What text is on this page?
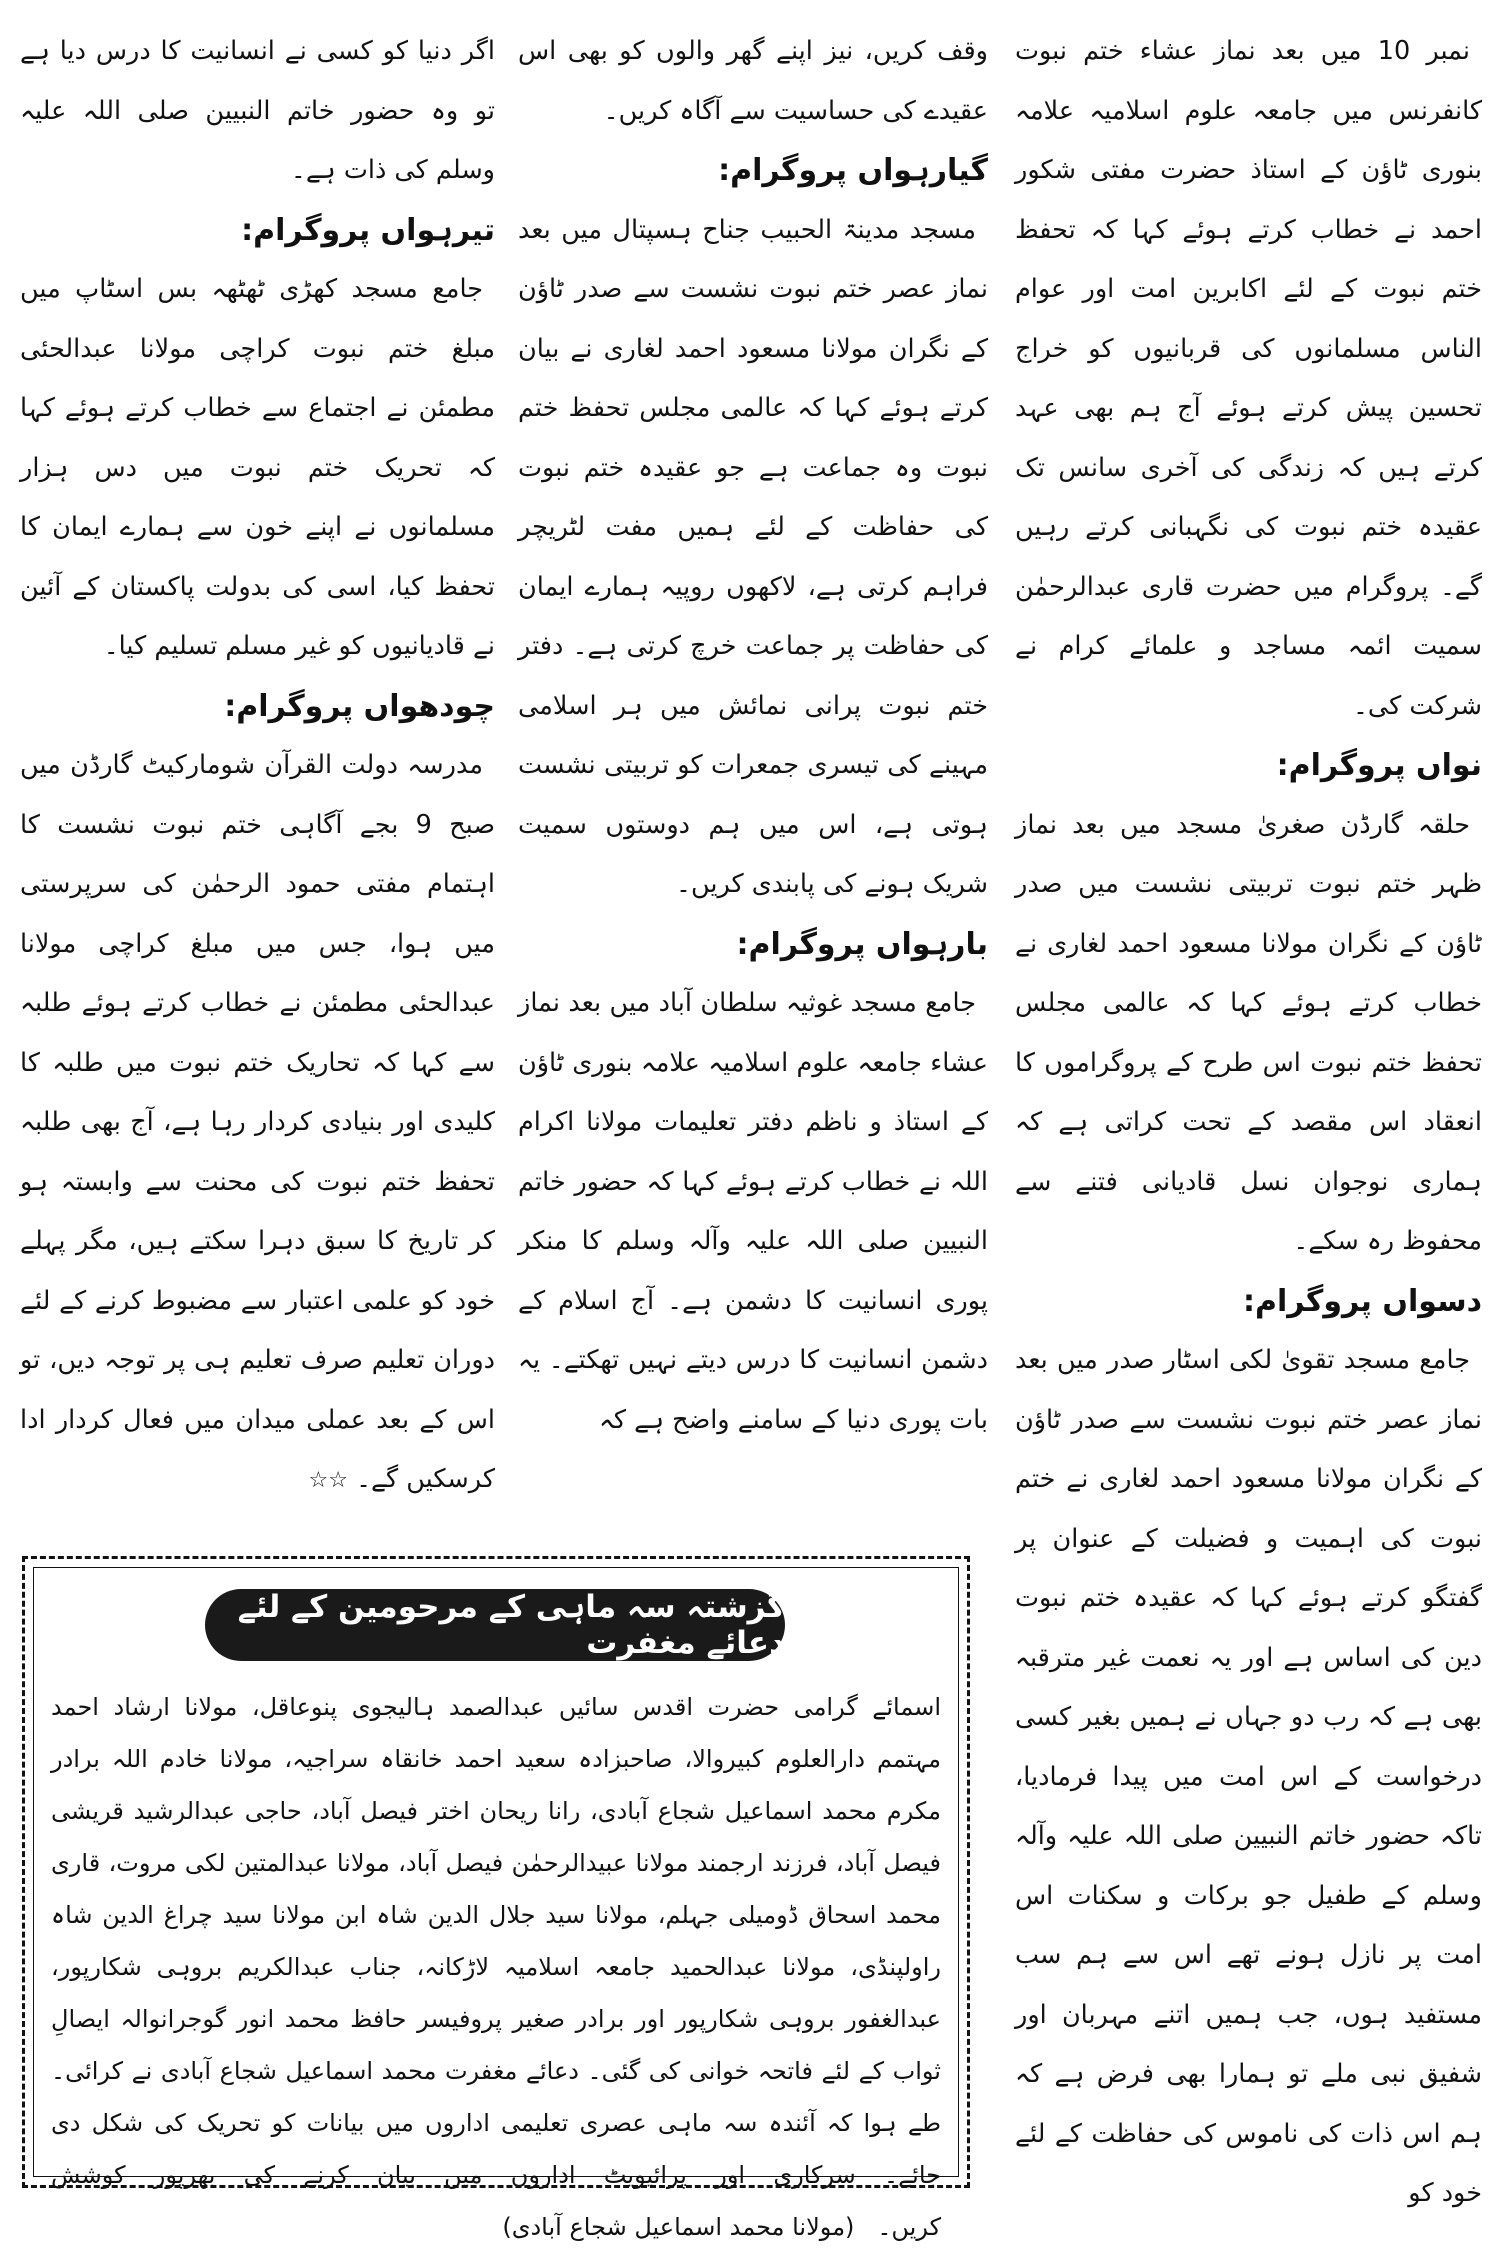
نمبر 10 میں بعد نماز عشاء ختم نبوت کانفرنس میں جامعہ علوم اسلامیہ علامہ بنوری ٹاؤن کے استاذ حضرت مفتی شکور احمد نے خطاب کرتے ہوئے کہا کہ تحفظ ختم نبوت کے لئے اکابرین امت اور عوام الناس مسلمانوں کی قربانیوں کو خراج تحسین پیش کرتے ہوئے آج ہم بھی عہد کرتے ہیں کہ زندگی کی آخری سانس تک عقیدہ ختم نبوت کی نگہبانی کرتے رہیں گے۔ پروگرام میں حضرت قاری عبدالرحمٰن سمیت ائمہ مساجد و علمائے کرام نے شرکت کی۔

نواں پروگرام:

حلقہ گارڈن صغریٰ مسجد میں بعد نماز ظہر ختم نبوت تربیتی نشست میں صدر ٹاؤن کے نگران مولانا مسعود احمد لغاری نے خطاب کرتے ہوئے کہا کہ عالمی مجلس تحفظ ختم نبوت اس طرح کے پروگراموں کا انعقاد اس مقصد کے تحت کراتی ہے کہ ہماری نوجوان نسل قادیانی فتنے سے محفوظ رہ سکے۔

دسواں پروگرام:

جامع مسجد تقویٰ لکی اسٹار صدر میں بعد نماز عصر ختم نبوت نشست سے صدر ٹاؤن کے نگران مولانا مسعود احمد لغاری نے ختم نبوت کی اہمیت و فضیلت کے عنوان پر گفتگو کرتے ہوئے کہا کہ عقیدہ ختم نبوت دین کی اساس ہے اور یہ نعمت غیر مترقبہ بھی ہے کہ رب دو جہاں نے ہمیں بغیر کسی درخواست کے اس امت میں پیدا فرمادیا، تاکہ حضور خاتم النبیین صلی اللہ علیہ وآلہ وسلم کے طفیل جو برکات و سکنات اس امت پر نازل ہونے تھے اس سے ہم سب مستفید ہوں، جب ہمیں اتنے مہربان اور شفیق نبی ملے تو ہمارا بھی فرض ہے کہ ہم اس ذات کی ناموس کی حفاظت کے لئے خود کو

وقف کریں، نیز اپنے گھر والوں کو بھی اس عقیدے کی حساسیت سے آگاہ کریں۔

گیارہواں پروگرام:

مسجد مدینۃ الحبیب جناح ہسپتال میں بعد نماز عصر ختم نبوت نشست سے صدر ٹاؤن کے نگران مولانا مسعود احمد لغاری نے بیان کرتے ہوئے کہا کہ عالمی مجلس تحفظ ختم نبوت وہ جماعت ہے جو عقیدہ ختم نبوت کی حفاظت کے لئے ہمیں مفت لٹریچر فراہم کرتی ہے، لاکھوں روپیہ ہمارے ایمان کی حفاظت پر جماعت خرچ کرتی ہے۔ دفتر ختم نبوت پرانی نمائش میں ہر اسلامی مہینے کی تیسری جمعرات کو تربیتی نشست ہوتی ہے، اس میں ہم دوستوں سمیت شریک ہونے کی پابندی کریں۔

بارہواں پروگرام:

جامع مسجد غوثیہ سلطان آباد میں بعد نماز عشاء جامعہ علوم اسلامیہ علامہ بنوری ٹاؤن کے استاذ و ناظم دفتر تعلیمات مولانا اکرام اللہ نے خطاب کرتے ہوئے کہا کہ حضور خاتم النبیین صلی اللہ علیہ وآلہ وسلم کا منکر پوری انسانیت کا دشمن ہے۔ آج اسلام کے دشمن انسانیت کا درس دیتے نہیں تھکتے۔ یہ بات پوری دنیا کے سامنے واضح ہے کہ

اگر دنیا کو کسی نے انسانیت کا درس دیا ہے تو وہ حضور خاتم النبیین صلی اللہ علیہ وسلم کی ذات ہے۔

تیرہواں پروگرام:

جامع مسجد کھڑی ٹھٹھہ بس اسٹاپ میں مبلغ ختم نبوت کراچی مولانا عبدالحئی مطمئن نے اجتماع سے خطاب کرتے ہوئے کہا کہ تحریک ختم نبوت میں دس ہزار مسلمانوں نے اپنے خون سے ہمارے ایمان کا تحفظ کیا، اسی کی بدولت پاکستان کے آئین نے قادیانیوں کو غیر مسلم تسلیم کیا۔

چودھواں پروگرام:

مدرسہ دولت القرآن شومارکیٹ گارڈن میں صبح 9 بجے آگاہی ختم نبوت نشست کا اہتمام مفتی حمود الرحمٰن کی سرپرستی میں ہوا، جس میں مبلغ کراچی مولانا عبدالحئی مطمئن نے خطاب کرتے ہوئے طلبہ سے کہا کہ تحاریک ختم نبوت میں طلبہ کا کلیدی اور بنیادی کردار رہا ہے، آج بھی طلبہ تحفظ ختم نبوت کی محنت سے وابستہ ہو کر تاریخ کا سبق دہرا سکتے ہیں، مگر پہلے خود کو علمی اعتبار سے مضبوط کرنے کے لئے دوران تعلیم صرف تعلیم ہی پر توجہ دیں، تو اس کے بعد عملی میدان میں فعال کردار ادا کرسکیں گے۔ ☆☆

گزشتہ سہ ماہی کے مرحومین کے لئے دعائے مغفرت

اسمائے گرامی حضرت اقدس سائیں عبدالصمد ہالیجوی پنوعاقل، مولانا ارشاد احمد مہتمم دارالعلوم کبیروالا، صاحبزادہ سعید احمد خانقاہ سراجیہ، مولانا خادم اللہ برادر مکرم محمد اسماعیل شجاع آبادی، رانا ریحان اختر فیصل آباد، حاجی عبدالرشید قریشی فیصل آباد، فرزند ارجمند مولانا عبیدالرحمٰن فیصل آباد، مولانا عبدالمتین لکی مروت، قاری محمد اسحاق ڈومیلی جہلم، مولانا سید جلال الدین شاہ ابن مولانا سید چراغ الدین شاہ راولپنڈی، مولانا عبدالحمید جامعہ اسلامیہ لاڑکانہ، جناب عبدالکریم بروہی شکارپور، عبدالغفور بروہی شکارپور اور برادر صغیر پروفیسر حافظ محمد انور گوجرانوالہ ایصالِ ثواب کے لئے فاتحہ خوانی کی گئی۔ دعائے مغفرت محمد اسماعیل شجاع آبادی نے کرائی۔ طے ہوا کہ آئندہ سہ ماہی عصری تعلیمی اداروں میں بیانات کو تحریک کی شکل دی جائے۔ سرکاری اور پرائیویٹ اداروں میں بیان کرنے کی بھرپور کوشش کریں۔   (مولانا محمد اسماعیل شجاع آبادی)
